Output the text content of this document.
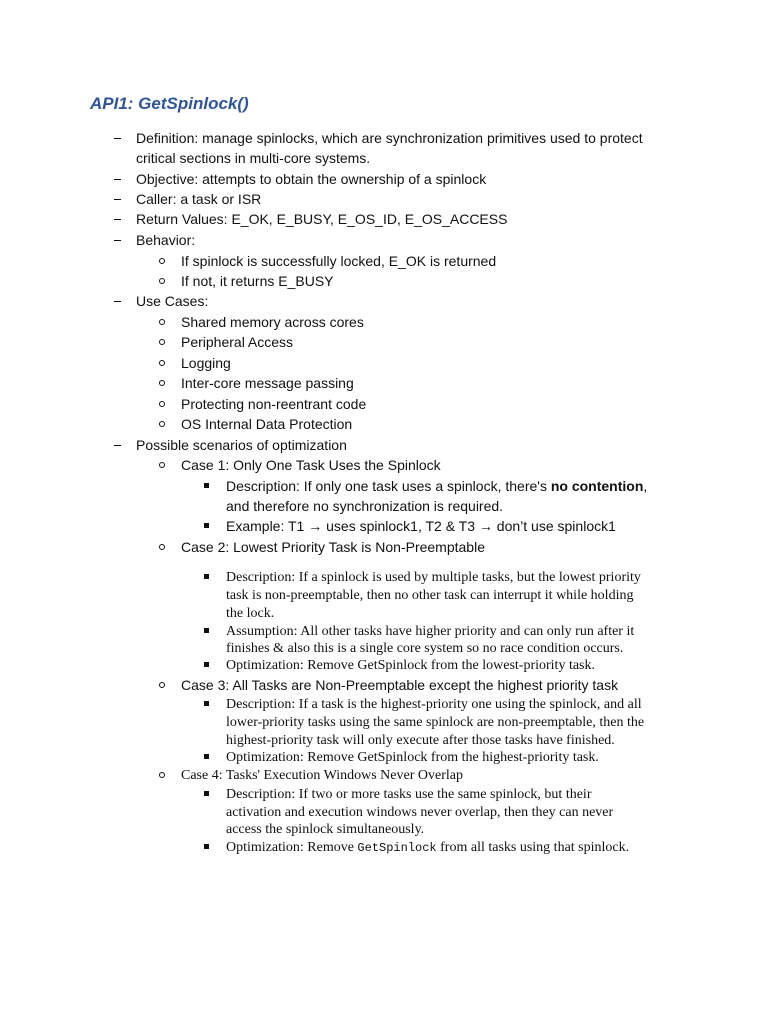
API1: GetSpinlock()
Definition: manage spinlocks, which are synchronization primitives used to protect
critical sections in multi-core systems.
Objective: attempts to obtain the ownership of a spinlock
Caller: a task or ISR
Return Values: E_OK, E_BUSY, E_OS_ID, E_OS_ACCESS
Behavior:
If spinlock is successfully locked, E_OK is returned
If not, it returns E_BUSY
Use Cases:
Shared memory across cores
Peripheral Access
Logging
Inter-core message passing
Protecting non-reentrant code
OS Internal Data Protection
Possible scenarios of optimization
Case 1: Only One Task Uses the Spinlock
Description: If only one task uses a spinlock, there's no contention,
and therefore no synchronization is required.
Example: T1 → uses spinlock1, T2 & T3 → don’t use spinlock1
Case 2: Lowest Priority Task is Non-Preemptable
Description: If a spinlock is used by multiple tasks, but the lowest priority
task is non-preemptable, then no other task can interrupt it while holding
the lock.
Assumption: All other tasks have higher priority and can only run after it
finishes & also this is a single core system so no race condition occurs.
Optimization: Remove GetSpinlock from the lowest-priority task.
Case 3: All Tasks are Non-Preemptable except the highest priority task
Description: If a task is the highest-priority one using the spinlock, and all
lower-priority tasks using the same spinlock are non-preemptable, then the
highest-priority task will only execute after those tasks have finished.
Optimization: Remove GetSpinlock from the highest-priority task.
Case 4: Tasks' Execution Windows Never Overlap
Description: If two or more tasks use the same spinlock, but their
activation and execution windows never overlap, then they can never
access the spinlock simultaneously.
Optimization: Remove GetSpinlock from all tasks using that spinlock.
